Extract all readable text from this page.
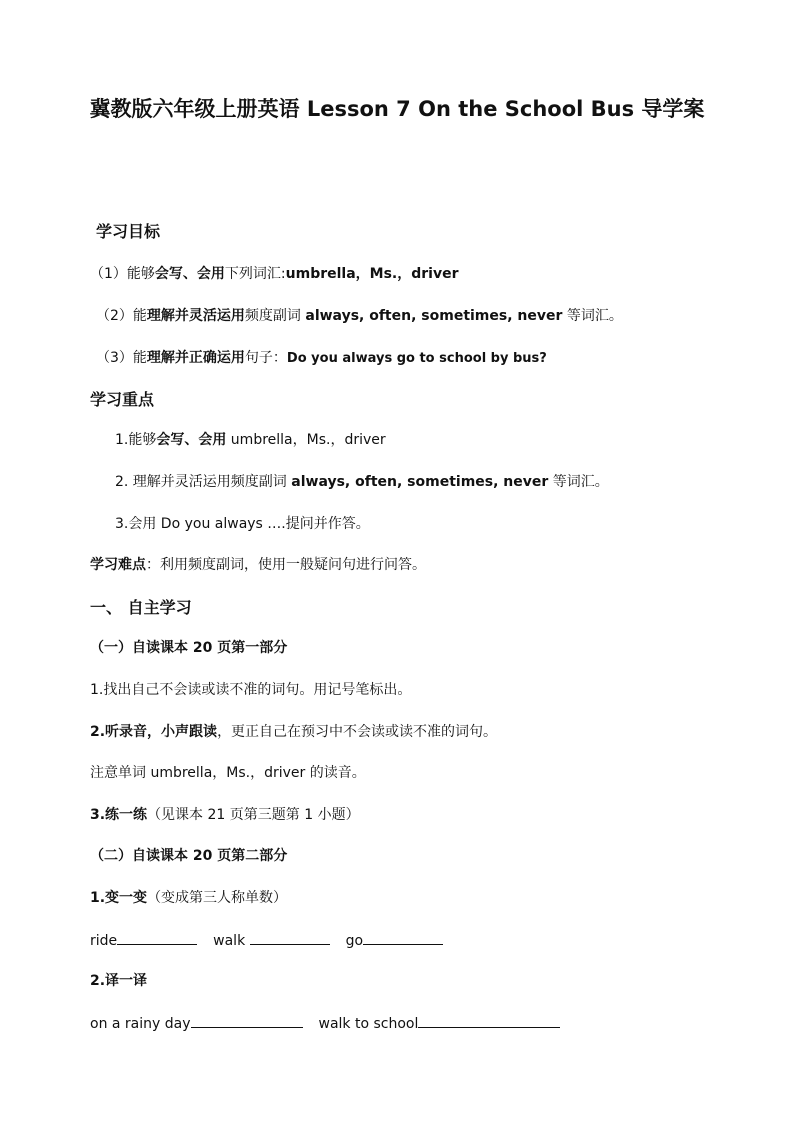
冀教版六年级上册英语 Lesson 7 On the School Bus 导学案
学习目标
（1）能够会写、会用下列词汇:umbrella，Ms.，driver
（2）能理解并灵活运用频度副词 always, often, sometimes, never 等词汇。
（3）能理解并正确运用句子：Do you always go to school by bus?
学习重点
1.能够会写、会用 umbrella，Ms.，driver
2. 理解并灵活运用频度副词 always, often, sometimes, never 等词汇。
3.会用 Do you always ….提问并作答。
学习难点：利用频度副词，使用一般疑问句进行问答。
一、 自主学习
（一）自读课本 20 页第一部分
1.找出自己不会读或读不准的词句。用记号笔标出。
2.听录音，小声跟读，更正自己在预习中不会读或读不准的词句。
注意单词 umbrella，Ms.，driver 的读音。
3.练一练（见课本 21 页第三题第 1 小题）
（二）自读课本 20 页第二部分
1.变一变（变成第三人称单数）
ride	walk	go
2.译一译
on a rainy day	walk to school
